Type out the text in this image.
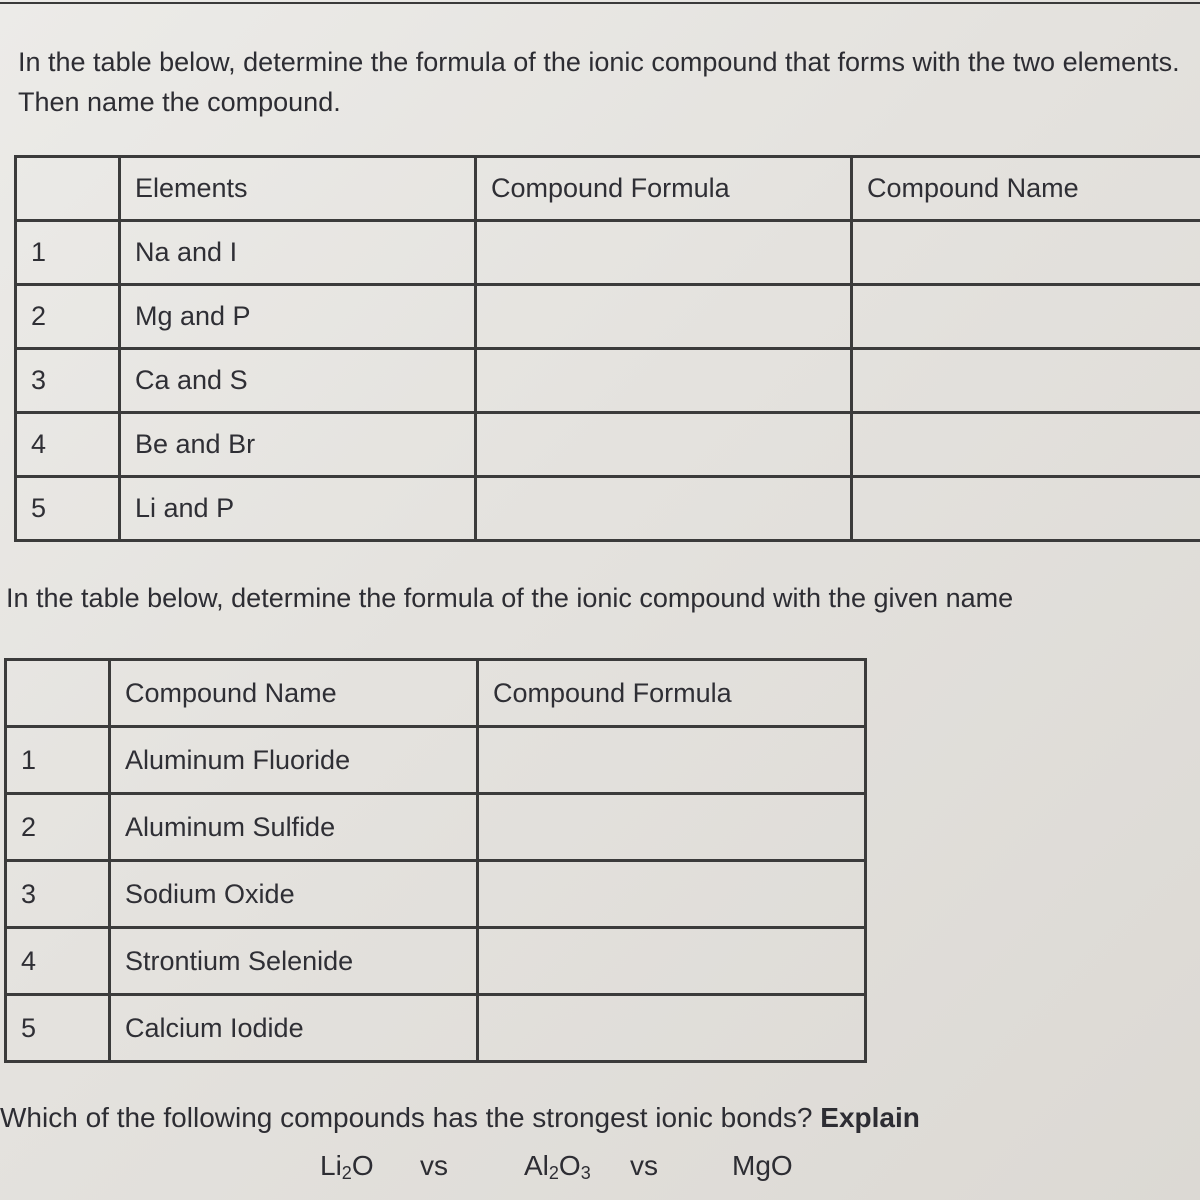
In the table below, determine the formula of the ionic compound that forms with the two elements. Then name the compound.
	Elements	Compound Formula	Compound Name
1	Na and I		
2	Mg and P		
3	Ca and S		
4	Be and Br		
5	Li and P		
In the table below, determine the formula of the ionic compound with the given name
	Compound Name	Compound Formula
1	Aluminum Fluoride	
2	Aluminum Sulfide	
3	Sodium Oxide	
4	Strontium Selenide	
5	Calcium Iodide	
Which of the following compounds has the strongest ionic bonds? Explain
$Li_2O$ vs	$Al_2O_3$ vs	MgO
